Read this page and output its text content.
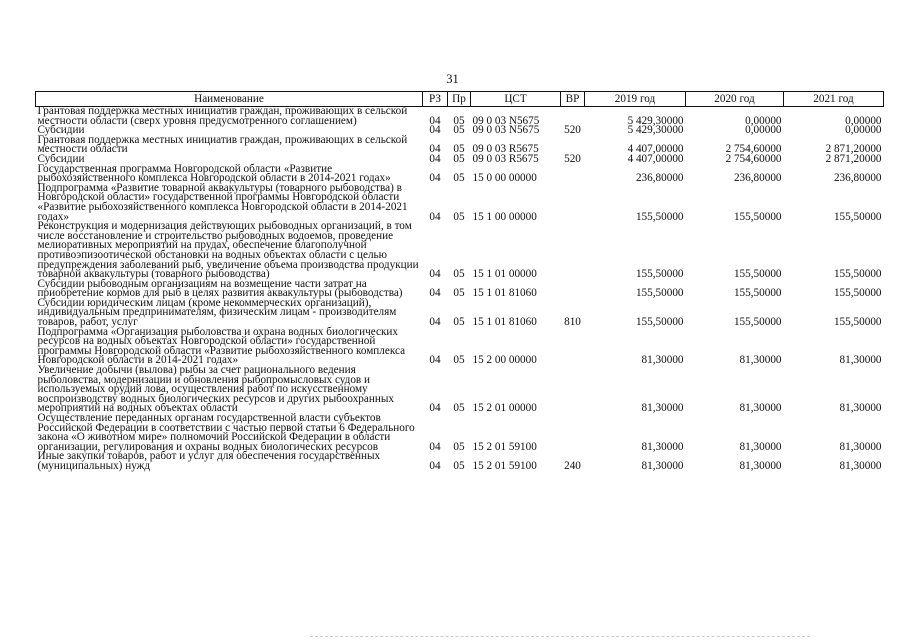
31
Наименование	РЗ	Пр	ЦСТ	ВР	2019 год	2020 год	2021 год
Грантовая поддержка местных инициатив граждан, проживающих в сельской местности области (сверх уровня предусмотренного соглашением)	04	05	09 0 03 N5675		5 429,30000	0,00000	0,00000
Субсидии	04	05	09 0 03 N5675	520	5 429,30000	0,00000	0,00000
Грантовая поддержка местных инициатив граждан, проживающих в сельской местности области	04	05	09 0 03 R5675		4 407,00000	2 754,60000	2 871,20000
Субсидии	04	05	09 0 03 R5675	520	4 407,00000	2 754,60000	2 871,20000
Государственная программа Новгородской области «Развитие рыбохозяйственного комплекса Новгородской области в 2014-2021 годах»	04	05	15 0 00 00000		236,80000	236,80000	236,80000
Подпрограмма «Развитие товарной аквакультуры (товарного рыбоводства) в Новгородской области» государственной программы Новгородской области «Развитие рыбохозяйственного комплекса Новгородской области в 2014-2021 годах»	04	05	15 1 00 00000		155,50000	155,50000	155,50000
Реконструкция и модернизация действующих рыбоводных организаций, в том числе восстановление и строительство рыбоводных водоемов, проведение мелиоративных мероприятий на прудах, обеспечение благополучной противоэпизоотической обстановки на водных объектах области с целью предупреждения заболеваний рыб, увеличение объема производства продукции товарной аквакультуры (товарного рыбоводства)	04	05	15 1 01 00000		155,50000	155,50000	155,50000
Субсидии рыбоводным организациям на возмещение части затрат на приобретение кормов для рыб в целях развития аквакультуры (рыбоводства)	04	05	15 1 01 81060		155,50000	155,50000	155,50000
Субсидии юридическим лицам (кроме некоммерческих организаций), индивидуальным предпринимателям, физическим лицам - производителям товаров, работ, услуг	04	05	15 1 01 81060	810	155,50000	155,50000	155,50000
Подпрограмма «Организация рыболовства и охрана водных биологических ресурсов на водных объектах Новгородской области» государственной программы Новгородской области «Развитие рыбохозяйственного комплекса Новгородской области в 2014-2021 годах»	04	05	15 2 00 00000		81,30000	81,30000	81,30000
Увеличение добычи (вылова) рыбы за счет рационального ведения рыболовства, модернизации и обновления рыбопромысловых судов и используемых орудий лова, осуществления работ по искусственному воспроизводству водных биологических ресурсов и других рыбоохранных мероприятий на водных объектах области	04	05	15 2 01 00000		81,30000	81,30000	81,30000
Осуществление переданных органам государственной власти субъектов Российской Федерации в соответствии с частью первой статьи 6 Федерального закона «О животном мире» полномочий Российской Федерации в области организации, регулирования и охраны водных биологических ресурсов	04	05	15 2 01 59100		81,30000	81,30000	81,30000
Иные закупки товаров, работ и услуг для обеспечения государственных (муниципальных) нужд	04	05	15 2 01 59100	240	81,30000	81,30000	81,30000
